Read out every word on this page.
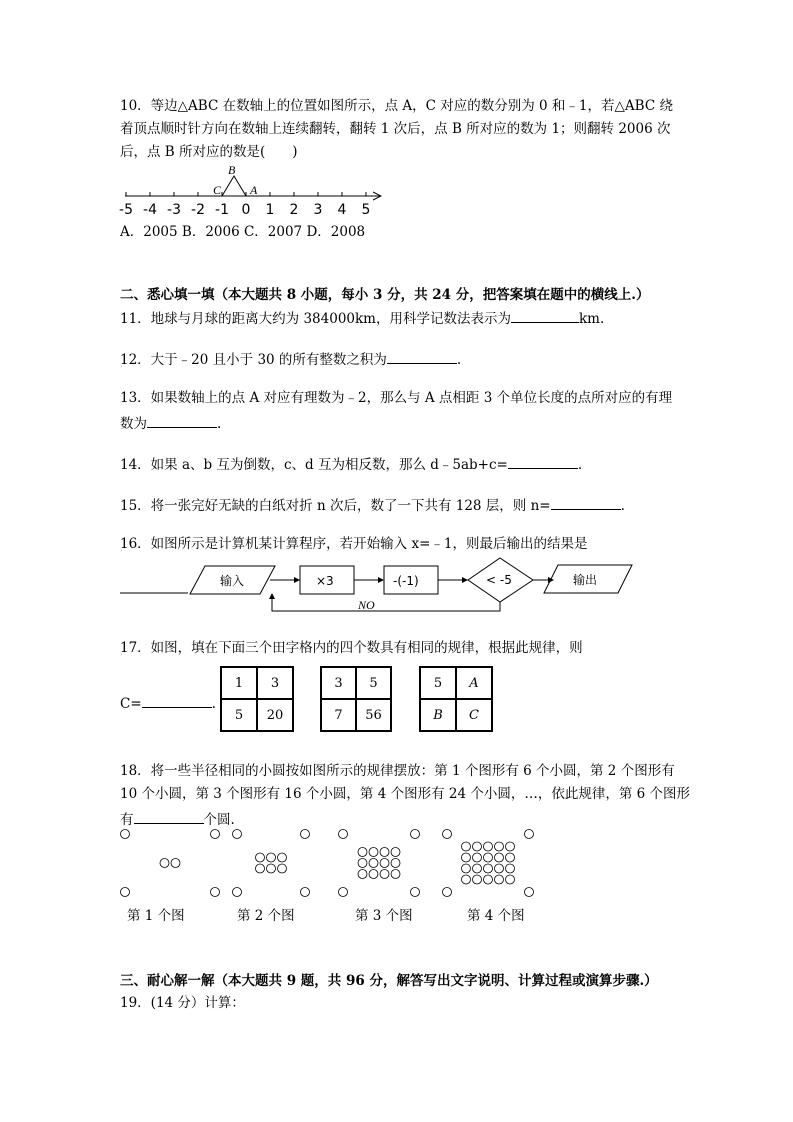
10．等边△ABC 在数轴上的位置如图所示，点 A，C 对应的数分别为 0 和﹣1，若△ABC 绕
着顶点顺时针方向在数轴上连续翻转，翻转 1 次后，点 B 所对应的数为 1；则翻转 2006 次
后，点 B 所对应的数是(　　)
B
C A
-5 -4 -3 -2 -1 0 1 2 3 4 5
A．2005 B．2006 C．2007 D．2008
二、悉心填一填（本大题共 8 小题，每小 3 分，共 24 分，把答案填在题中的横线上.）
11．地球与月球的距离大约为 384000km，用科学记数法表示为	km.
12．大于﹣20 且小于 30 的所有整数之积为	.
13．如果数轴上的点 A 对应有理数为﹣2，那么与 A 点相距 3 个单位长度的点所对应的有理
数为	.
14．如果 a、b 互为倒数，c、d 互为相反数，那么 d﹣5ab+c=	.
15．将一张完好无缺的白纸对折 n 次后，数了一下共有 128 层，则 n=	.
16．如图所示是计算机某计算程序，若开始输入 x=﹣1，则最后输出的结果是
输入	×3	-(-1)	< -5	输出
NO
17．如图，填在下面三个田字格内的四个数具有相同的规律，根据此规律，则
C=	.
1	3
5	20
3	5
7	56
5	A
B	C
18．将一些半径相同的小圆按如图所示的规律摆放：第 1 个图形有 6 个小圆，第 2 个图形有
10 个小圆，第 3 个图形有 16 个小圆，第 4 个图形有 24 个小圆，…，依此规律，第 6 个图形
有	个圆.
第 1 个图	第 2 个图	第 3 个图	第 4 个图
三、耐心解一解（本大题共 9 题，共 96 分，解答写出文字说明、计算过程或演算步骤.）
19．(14 分）计算：
